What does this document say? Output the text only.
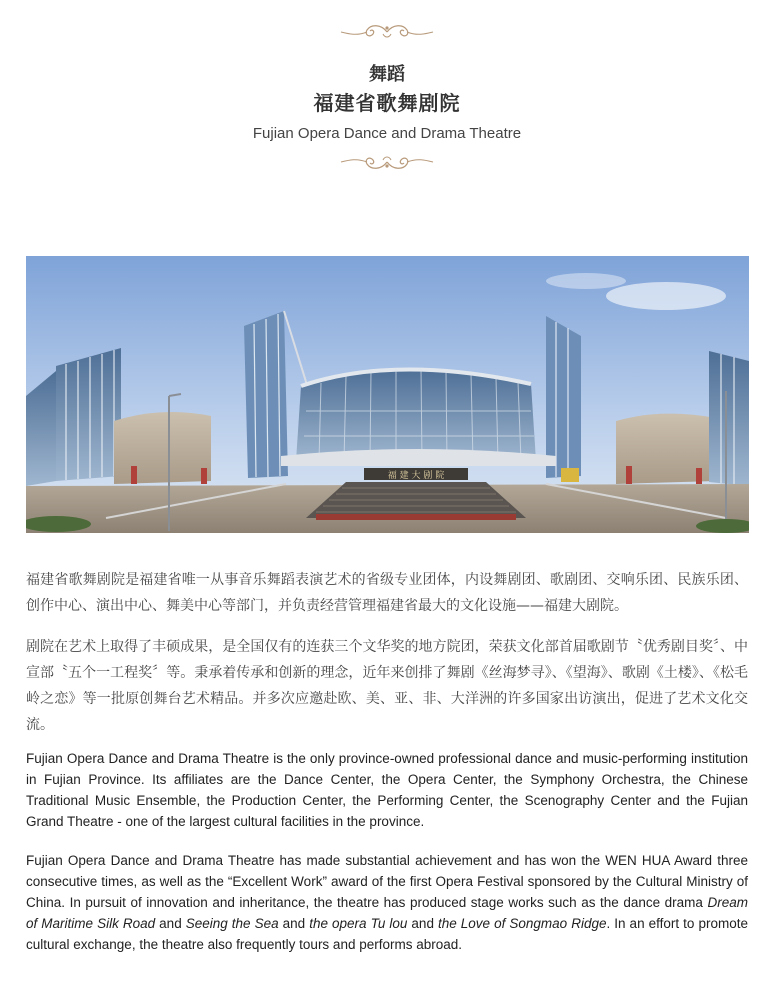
舞蹈
福建省歌舞剧院
Fujian Opera Dance and Drama Theatre
福 建 大 剧 院

福建省歌舞剧院是福建省唯一从事音乐舞蹈表演艺术的省级专业团体，内设舞剧团、歌剧团、交响乐团、民族乐团、创作中心、演出中心、舞美中心等部门，并负责经营管理福建省最大的文化设施——福建大剧院。

剧院在艺术上取得了丰硕成果，是全国仅有的连获三个文华奖的地方院团，荣获文化部首届歌剧节〝优秀剧目奖〞、中宣部〝五个一工程奖〞等。秉承着传承和创新的理念，近年来创排了舞剧《丝海梦寻》、《望海》、歌剧《土楼》、《松毛岭之恋》等一批原创舞台艺术精品。并多次应邀赴欧、美、亚、非、大洋洲的许多国家出访演出，促进了艺术文化交流。

Fujian Opera Dance and Drama Theatre is the only province-owned professional dance and music-performing institution in Fujian Province. Its affiliates are the Dance Center, the Opera Center, the Symphony Orchestra, the Chinese Traditional Music Ensemble, the Production Center, the Performing Center, the Scenography Center and the Fujian Grand Theatre - one of the largest cultural facilities in the province.

Fujian Opera Dance and Drama Theatre has made substantial achievement and has won the WEN HUA Award three consecutive times, as well as the “Excellent Work” award of the first Opera Festival sponsored by the Cultural Ministry of China. In pursuit of innovation and inheritance, the theatre has produced stage works such as the dance drama Dream of Maritime Silk Road and Seeing the Sea and the opera Tu lou and the Love of Songmao Ridge. In an effort to promote cultural exchange, the theatre also frequently tours and performs abroad.
